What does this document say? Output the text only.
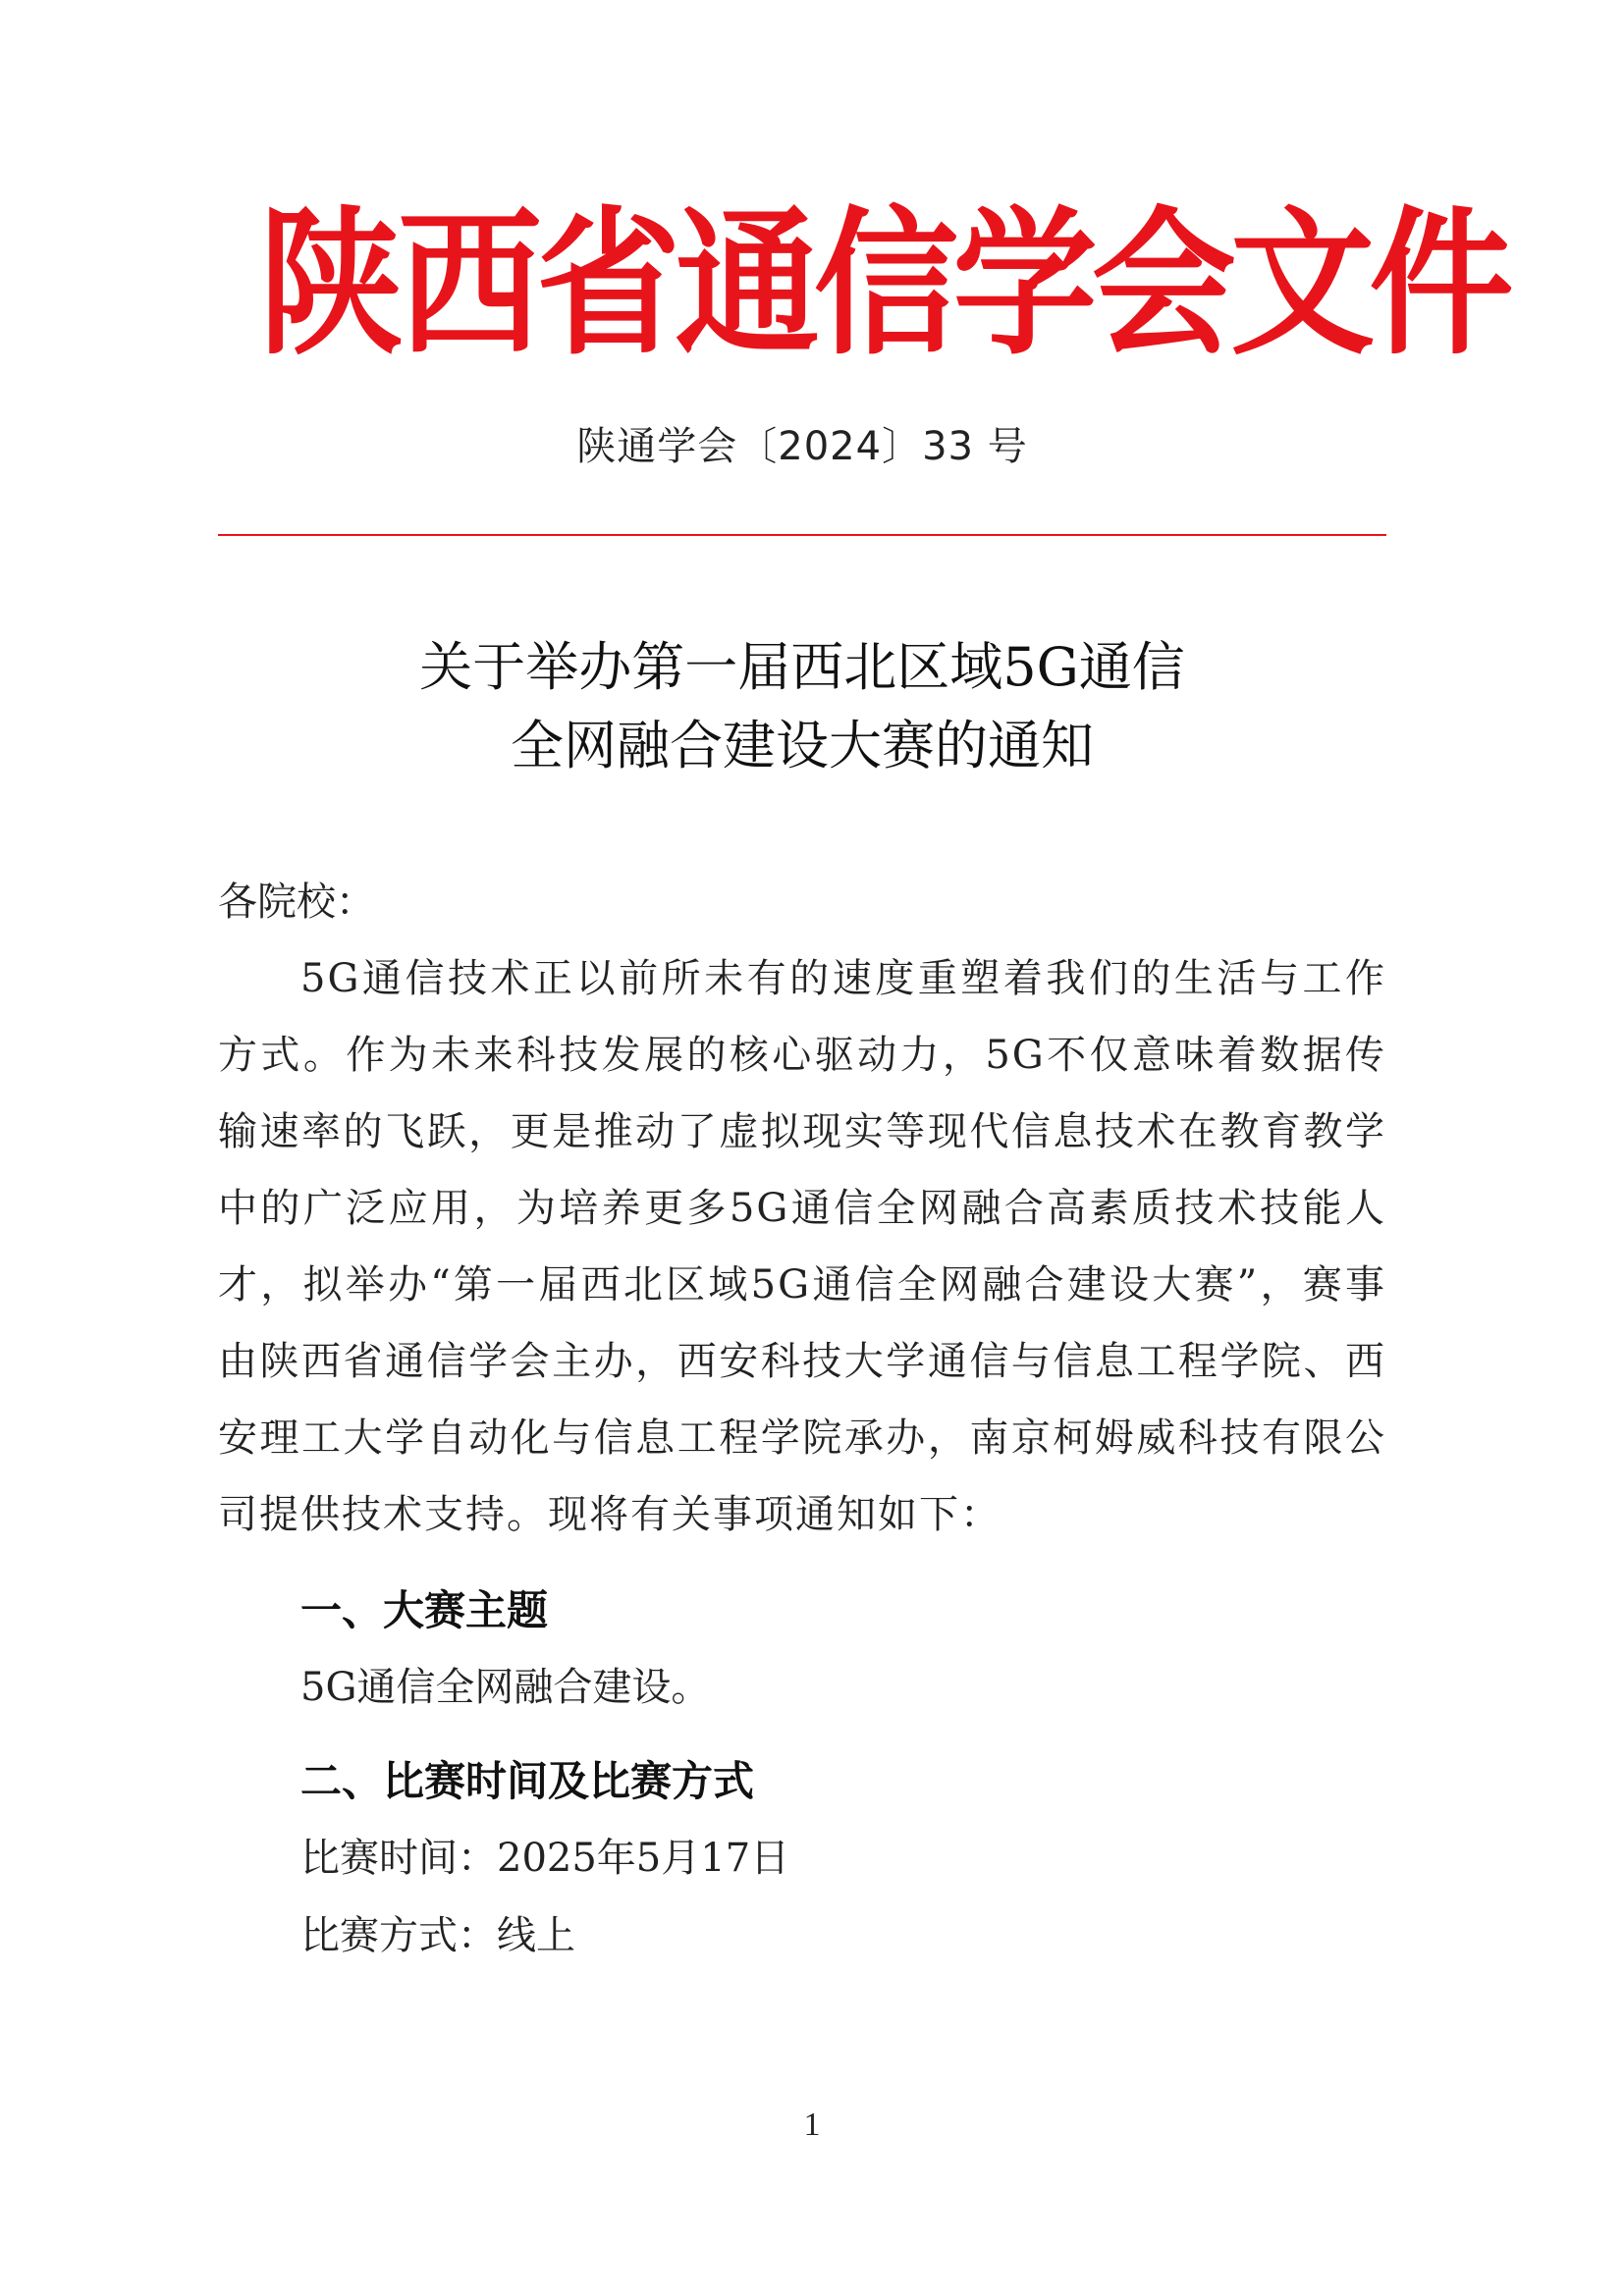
陕西省通信学会文件
陕通学会〔2024〕33 号
关于举办第一届西北区域5G通信
全网融合建设大赛的通知
各院校：
5G通信技术正以前所未有的速度重塑着我们的生活与工作方式。作为未来科技发展的核心驱动力，5G不仅意味着数据传输速率的飞跃，更是推动了虚拟现实等现代信息技术在教育教学中的广泛应用，为培养更多5G通信全网融合高素质技术技能人才，拟举办“第一届西北区域5G通信全网融合建设大赛”，赛事由陕西省通信学会主办，西安科技大学通信与信息工程学院、西安理工大学自动化与信息工程学院承办，南京柯姆威科技有限公司提供技术支持。现将有关事项通知如下：
一、大赛主题
5G通信全网融合建设。
二、比赛时间及比赛方式
比赛时间：2025年5月17日
比赛方式：线上
1
